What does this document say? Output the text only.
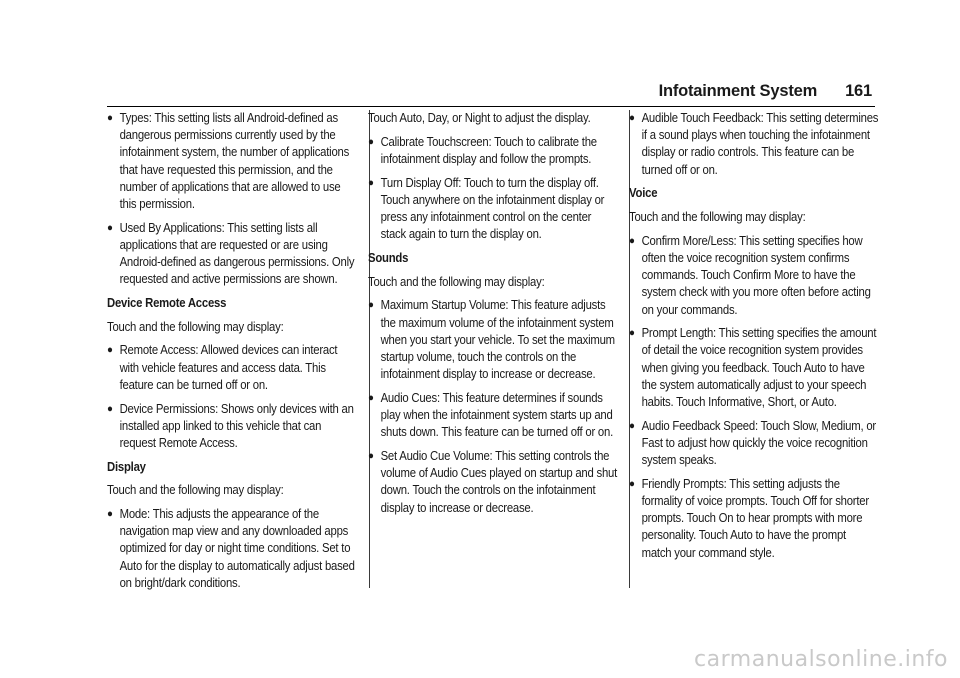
Infotainment System 161
● Types: This setting lists all Android-defined as dangerous permissions currently used by the infotainment system, the number of applications that have requested this permission, and the number of applications that are allowed to use this permission.
● Used By Applications: This setting lists all applications that are requested or are using Android-defined as dangerous permissions. Only requested and active permissions are shown.

Device Remote Access

Touch and the following may display:

● Remote Access: Allowed devices can interact with vehicle features and access data. This feature can be turned off or on.
● Device Permissions: Shows only devices with an installed app linked to this vehicle that can request Remote Access.

Display

Touch and the following may display:

● Mode: This adjusts the appearance of the navigation map view and any downloaded apps optimized for day or night time conditions. Set to Auto for the display to automatically adjust based on bright/dark conditions.

Touch Auto, Day, or Night to adjust the display.

● Calibrate Touchscreen: Touch to calibrate the infotainment display and follow the prompts.
● Turn Display Off: Touch to turn the display off. Touch anywhere on the infotainment display or press any infotainment control on the center stack again to turn the display on.

Sounds

Touch and the following may display:

● Maximum Startup Volume: This feature adjusts the maximum volume of the infotainment system when you start your vehicle. To set the maximum startup volume, touch the controls on the infotainment display to increase or decrease.
● Audio Cues: This feature determines if sounds play when the infotainment system starts up and shuts down. This feature can be turned off or on.
● Set Audio Cue Volume: This setting controls the volume of Audio Cues played on startup and shut down. Touch the controls on the infotainment display to increase or decrease.
● Audible Touch Feedback: This setting determines if a sound plays when touching the infotainment display or radio controls. This feature can be turned off or on.

Voice

Touch and the following may display:

● Confirm More/Less: This setting specifies how often the voice recognition system confirms commands. Touch Confirm More to have the system check with you more often before acting on your commands.
● Prompt Length: This setting specifies the amount of detail the voice recognition system provides when giving you feedback. Touch Auto to have the system automatically adjust to your speech habits. Touch Informative, Short, or Auto.
● Audio Feedback Speed: Touch Slow, Medium, or Fast to adjust how quickly the voice recognition system speaks.
● Friendly Prompts: This setting adjusts the formality of voice prompts. Touch Off for shorter prompts. Touch On to hear prompts with more personality. Touch Auto to have the prompt match your command style.
carmanualsonline.info
